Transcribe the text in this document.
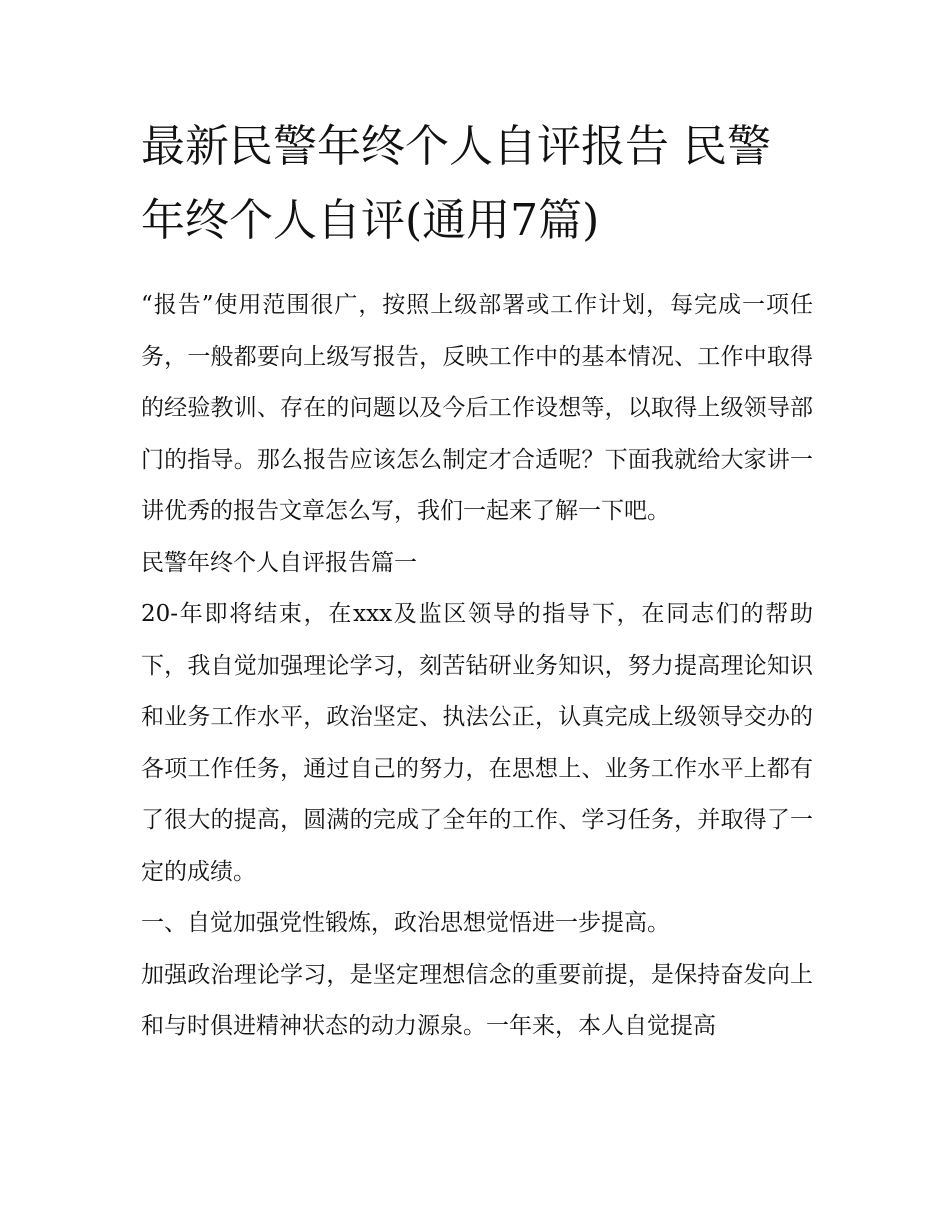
最新民警年终个人自评报告 民警年终个人自评(通用7篇)

“报告”使用范围很广，按照上级部署或工作计划，每完成一项任务，一般都要向上级写报告，反映工作中的基本情况、工作中取得的经验教训、存在的问题以及今后工作设想等，以取得上级领导部门的指导。那么报告应该怎么制定才合适呢？下面我就给大家讲一讲优秀的报告文章怎么写，我们一起来了解一下吧。

民警年终个人自评报告篇一

20-年即将结束，在xxx及监区领导的指导下，在同志们的帮助下，我自觉加强理论学习，刻苦钻研业务知识，努力提高理论知识和业务工作水平，政治坚定、执法公正，认真完成上级领导交办的各项工作任务，通过自己的努力，在思想上、业务工作水平上都有了很大的提高，圆满的完成了全年的工作、学习任务，并取得了一定的成绩。

一、自觉加强党性锻炼，政治思想觉悟进一步提高。

加强政治理论学习，是坚定理想信念的重要前提，是保持奋发向上和与时俱进精神状态的动力源泉。一年来，本人自觉提高
